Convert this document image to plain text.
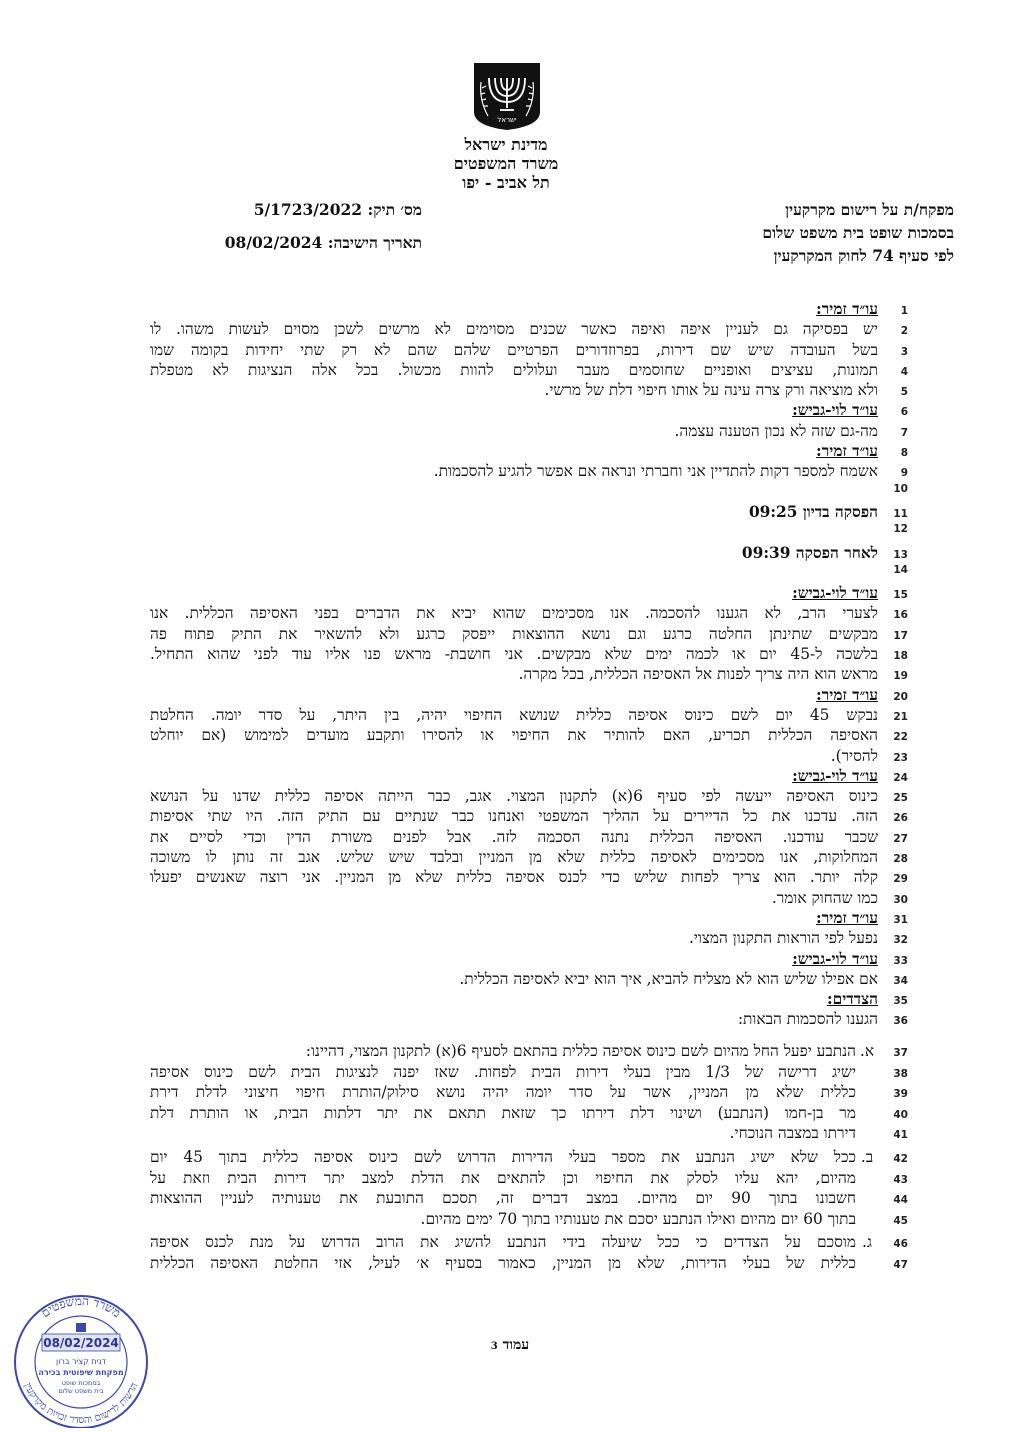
ישראל
מדינת ישראל
משרד המשפטים
תל אביב - יפו
מפקח/ת על רישום מקרקעין
בסמכות שופט בית משפט שלום
לפי סעיף 74 לחוק המקרקעין
מס׳ תיק: 5/1723/2022
תאריך הישיבה: 08/02/2024
1
עו״ד זמיר:
2
יש בפסיקה גם לעניין איפה ואיפה כאשר שכנים מסוימים לא מרשים לשכן מסוים לעשות משהו. לו
3
בשל העובדה שיש שם דירות, בפרוזדורים הפרטיים שלהם שהם לא רק שתי יחידות בקומה שמו
4
תמונות, עציצים ואופניים שחוסמים מעבר ועלולים להוות מכשול. בכל אלה הנציגות לא מטפלת
5
ולא מוציאה ורק צרה עינה על אותו חיפוי דלת של מרשי.
6
עו״ד לוי-גביש:
7
מה-גם שזה לא נכון הטענה עצמה.
8
עו״ד זמיר:
9
אשמח למספר דקות להתדיין אני וחברתי ונראה אם אפשר להגיע להסכמות.
10
11
הפסקה בדיון 09:25
12
13
לאחר הפסקה 09:39
14
15
עו״ד לוי-גביש:
16
לצערי הרב, לא הגענו להסכמה. אנו מסכימים שהוא יביא את הדברים בפני האסיפה הכללית. אנו
17
מבקשים שתינתן החלטה כרגע וגם נושא ההוצאות ייפסק כרגע ולא להשאיר את התיק פתוח פה
18
בלשכה ל-45 יום או לכמה ימים שלא מבקשים. אני חושבת- מראש פנו אליו עוד לפני שהוא התחיל.
19
מראש הוא היה צריך לפנות אל האסיפה הכללית, בכל מקרה.
20
עו״ד זמיר:
21
נבקש 45 יום לשם כינוס אסיפה כללית שנושא החיפוי יהיה, בין היתר, על סדר יומה. החלטת
22
האסיפה הכללית תכריע, האם להותיר את החיפוי או להסירו ותקבע מועדים למימוש (אם יוחלט
23
להסיר).
24
עו״ד לוי-גביש:
25
כינוס האסיפה ייעשה לפי סעיף 6(א) לתקנון המצוי. אגב, כבר הייתה אסיפה כללית שדנו על הנושא
26
הזה. עדכנו את כל הדיירים על ההליך המשפטי ואנחנו כבר שנתיים עם התיק הזה. היו שתי אסיפות
27
שכבר עודכנו. האסיפה הכללית נתנה הסכמה לזה. אבל לפנים משורת הדין וכדי לסיים את
28
המחלוקות, אנו מסכימים לאסיפה כללית שלא מן המניין ובלבד שיש שליש. אגב זה נותן לו משוכה
29
קלה יותר. הוא צריך לפחות שליש כדי לכנס אסיפה כללית שלא מן המניין. אני רוצה שאנשים יפעלו
30
כמו שהחוק אומר.
31
עו״ד זמיר:
32
נפעל לפי הוראות התקנון המצוי.
33
עו״ד לוי-גביש:
34
אם אפילו שליש הוא לא מצליח להביא, איך הוא יביא לאסיפה הכללית.
35
הצדדים:
36
הגענו להסכמות הבאות:
37
א.
הנתבע יפעל החל מהיום לשם כינוס אסיפה כללית בהתאם לסעיף 6(א) לתקנון המצוי, דהיינו:
38
ישיג דרישה של 1/3 מבין בעלי דירות הבית לפחות. שאז יפנה לנציגות הבית לשם כינוס אסיפה
39
כללית שלא מן המניין, אשר על סדר יומה יהיה נושא סילוק/הותרת חיפוי חיצוני לדלת דירת
40
מר בן-חמו (הנתבע) ושינוי דלת דירתו כך שזאת תתאם את יתר דלתות הבית, או הותרת דלת
41
דירתו במצבה הנוכחי.
42
ב.
ככל שלא ישיג הנתבע את מספר בעלי הדירות הדרוש לשם כינוס אסיפה כללית בתוך 45 יום
43
מהיום, יהא עליו לסלק את החיפוי וכן להתאים את הדלת למצב יתר דירות הבית וזאת על
44
חשבונו בתוך 90 יום מהיום. במצב דברים זה, תסכם התובעת את טענותיה לעניין ההוצאות
45
בתוך 60 יום מהיום ואילו הנתבע יסכם את טענותיו בתוך 70 ימים מהיום.
46
ג.
מוסכם על הצדדים כי ככל שיעלה בידי הנתבע להשיג את הרוב הדרוש על מנת לכנס אסיפה
47
כללית של בעלי הדירות, שלא מן המניין, כאמור בסעיף א׳ לעיל, אזי החלטת האסיפה הכללית
עמוד 3
משרד המשפטים
הרשות לרישום והסדר זכויות מקרקעין
08/02/2024
דנית קציר ברון
מפקחת שיפוטית בכירה
בסמכות שופט
בית משפט שלום
